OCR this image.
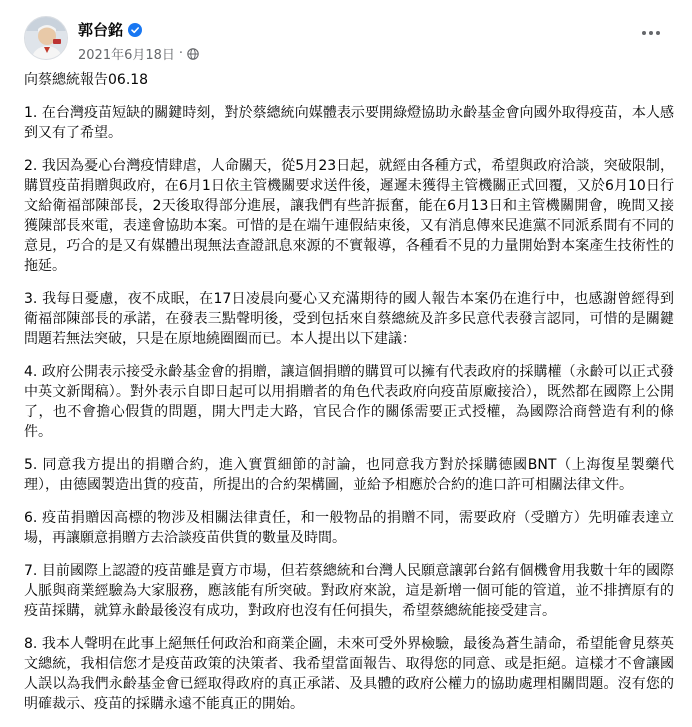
郭台銘
2021年6月18日 ·

向蔡總統報告06.18

1. 在台灣疫苗短缺的關鍵時刻，對於蔡總統向媒體表示要開綠燈協助永齡基金會向國外取得疫苗，本人感到又有了希望。

2. 我因為憂心台灣疫情肆虐，人命關天，從5月23日起，就經由各種方式，希望與政府洽談，突破限制，購買疫苗捐贈與政府，在6月1日依主管機關要求送件後，遲遲未獲得主管機關正式回覆，又於6月10日行文給衛福部陳部長，2天後取得部分進展，讓我們有些許振奮，能在6月13日和主管機關開會，晚間又接獲陳部長來電，表達會協助本案。可惜的是在端午連假結束後，又有消息傳來民進黨不同派系間有不同的意見，巧合的是又有媒體出現無法查證訊息來源的不實報導，各種看不見的力量開始對本案產生技術性的拖延。

3. 我每日憂慮，夜不成眠，在17日凌晨向憂心又充滿期待的國人報告本案仍在進行中，也感謝曾經得到衛福部陳部長的承諾，在發表三點聲明後，受到包括來自蔡總統及許多民意代表發言認同，可惜的是關鍵問題若無法突破，只是在原地繞圈圈而已。本人提出以下建議：

4. 政府公開表示接受永齡基金會的捐贈，讓這個捐贈的購買可以擁有代表政府的採購權（永齡可以正式發中英文新聞稿）。對外表示自即日起可以用捐贈者的角色代表政府向疫苗原廠接洽），既然都在國際上公開了，也不會擔心假貨的問題，開大門走大路，官民合作的關係需要正式授權，為國際洽商營造有利的條件。

5. 同意我方提出的捐贈合約，進入實質細節的討論，也同意我方對於採購德國BNT（上海復星製藥代理），由德國製造出貨的疫苗，所提出的合約架構圖，並給予相應於合約的進口許可相關法律文件。

6. 疫苗捐贈因高標的物涉及相關法律責任，和一般物品的捐贈不同，需要政府（受贈方）先明確表達立場，再讓願意捐贈方去洽談疫苗供貨的數量及時間。

7. 目前國際上認證的疫苗雖是賣方市場，但若蔡總統和台灣人民願意讓郭台銘有個機會用我數十年的國際人脈與商業經驗為大家服務，應該能有所突破。對政府來說，這是新增一個可能的管道，並不排擠原有的疫苗採購，就算永齡最後沒有成功，對政府也沒有任何損失，希望蔡總統能接受建言。

8. 我本人聲明在此事上絕無任何政治和商業企圖，未來可受外界檢驗，最後為蒼生請命，希望能會見蔡英文總統，我相信您才是疫苗政策的決策者、我希望當面報告、取得您的同意、或是拒絕。這樣才不會讓國人誤以為我們永齡基金會已經取得政府的真正承諾、及具體的政府公權力的協助處理相關問題。沒有您的明確裁示、疫苗的採購永遠不能真正的開始。
